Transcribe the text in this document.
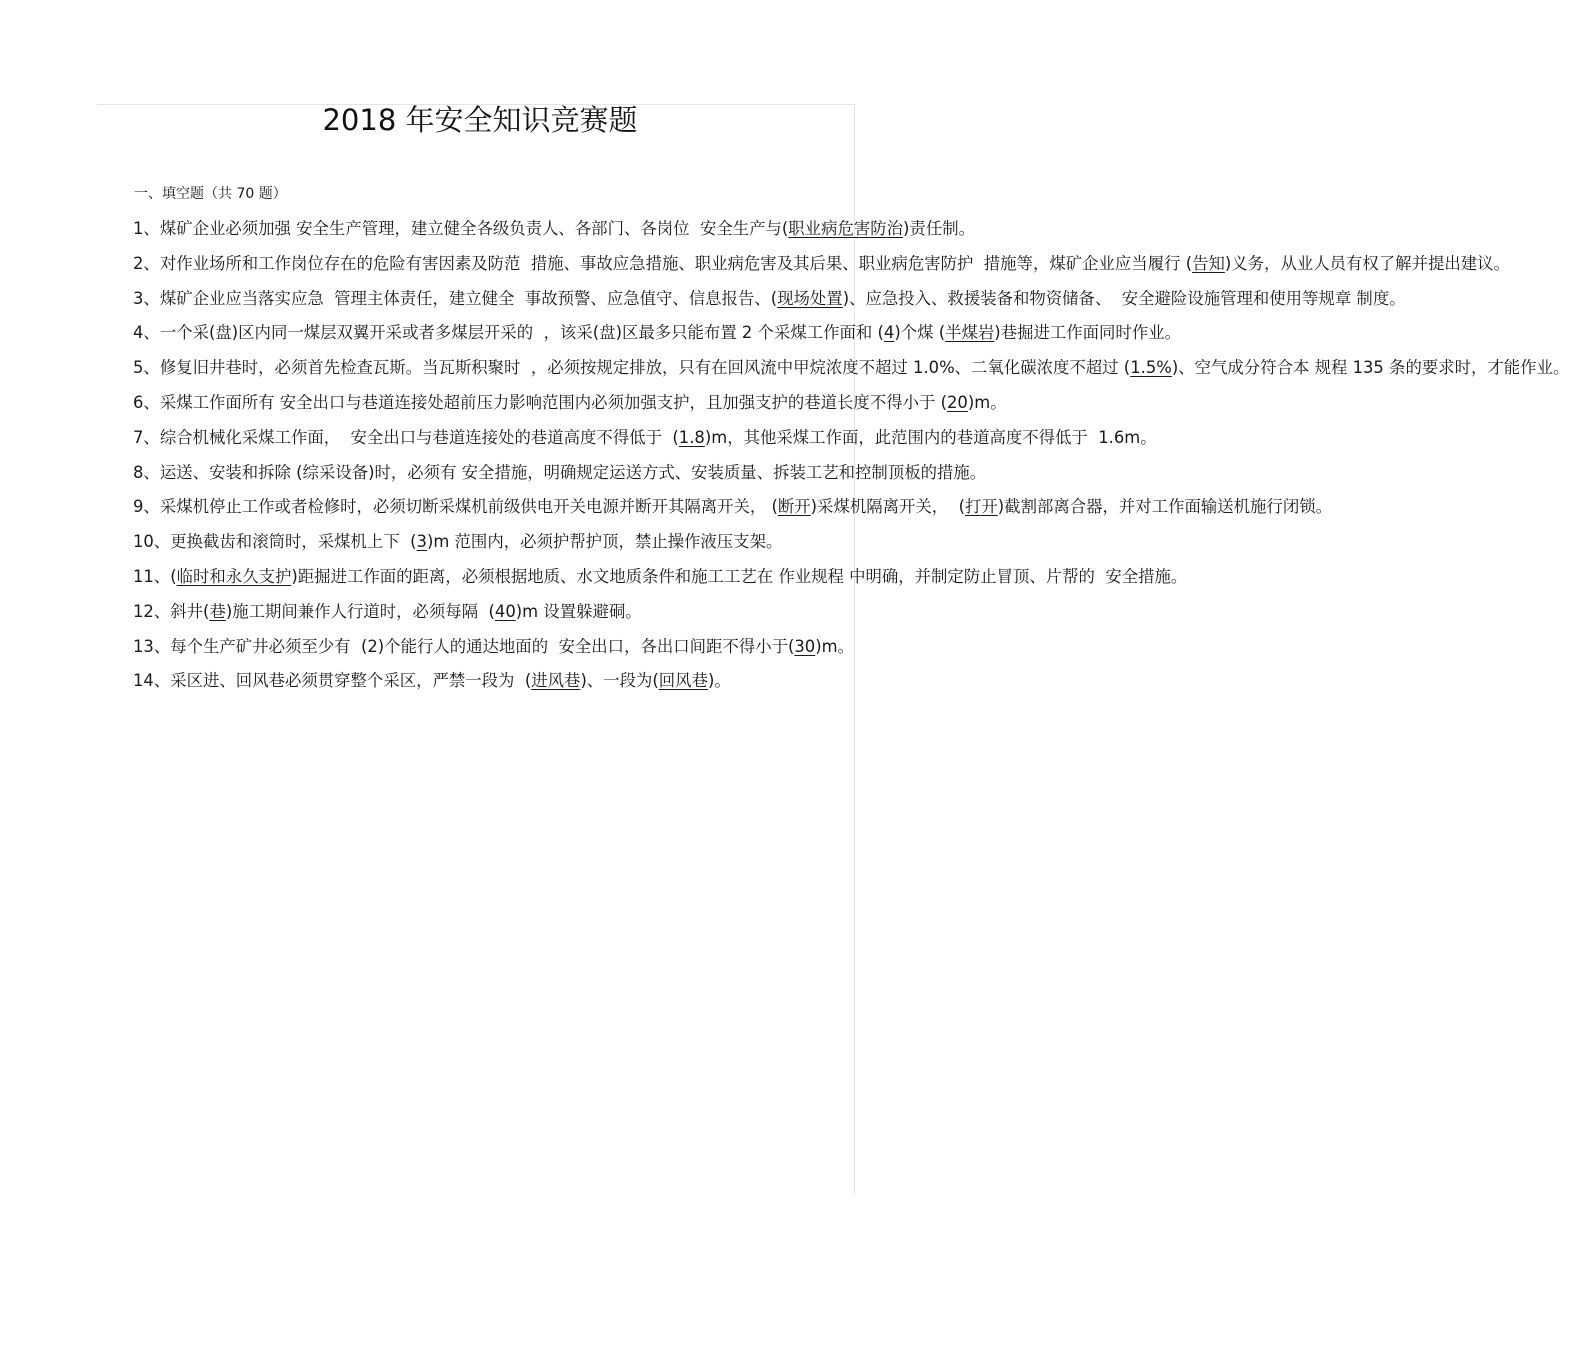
2018 年安全知识竞赛题
一、填空题（共 70 题）

1、煤矿企业必须加强 安全生产管理，建立健全各级负责人、各部门、各岗位  安全生产与(职业病危害防治)责任制。

2、对作业场所和工作岗位存在的危险有害因素及防范  措施、事故应急措施、职业病危害及其后果、职业病危害防护  措施等，煤矿企业应当履行 (告知)义务，从业人员有权了解并提出建议。

3、煤矿企业应当落实应急  管理主体责任，建立健全  事故预警、应急值守、信息报告、(现场处置)、应急投入、救援装备和物资储备、  安全避险设施管理和使用等规章 制度。

4、一个采(盘)区内同一煤层双翼开采或者多煤层开采的  ，该采(盘)区最多只能布置 2 个采煤工作面和 (4)个煤 (半煤岩)巷掘进工作面同时作业。

5、修复旧井巷时，必须首先检查瓦斯。当瓦斯积聚时  ，必须按规定排放，只有在回风流中甲烷浓度不超过 1.0%、二氧化碳浓度不超过 (1.5%)、空气成分符合本 规程 135 条的要求时，才能作业。

6、采煤工作面所有 安全出口与巷道连接处超前压力影响范围内必须加强支护，且加强支护的巷道长度不得小于 (20)m。

7、综合机械化采煤工作面，  安全出口与巷道连接处的巷道高度不得低于  (1.8)m，其他采煤工作面，此范围内的巷道高度不得低于  1.6m。

8、运送、安装和拆除 (综采设备)时，必须有 安全措施，明确规定运送方式、安装质量、拆装工艺和控制顶板的措施。

9、采煤机停止工作或者检修时，必须切断采煤机前级供电开关电源并断开其隔离开关， (断开)采煤机隔离开关，  (打开)截割部离合器，并对工作面输送机施行闭锁。

10、更换截齿和滚筒时，采煤机上下  (3)m 范围内，必须护帮护顶，禁止操作液压支架。

11、(临时和永久支护)距掘进工作面的距离，必须根据地质、水文地质条件和施工工艺在 作业规程 中明确，并制定防止冒顶、片帮的  安全措施。

12、斜井(巷)施工期间兼作人行道时，必须每隔  (40)m 设置躲避硐。

13、每个生产矿井必须至少有  (2)个能行人的通达地面的  安全出口，各出口间距不得小于(30)m。

14、采区进、回风巷必须贯穿整个采区，严禁一段为  (进风巷)、一段为(回风巷)。
